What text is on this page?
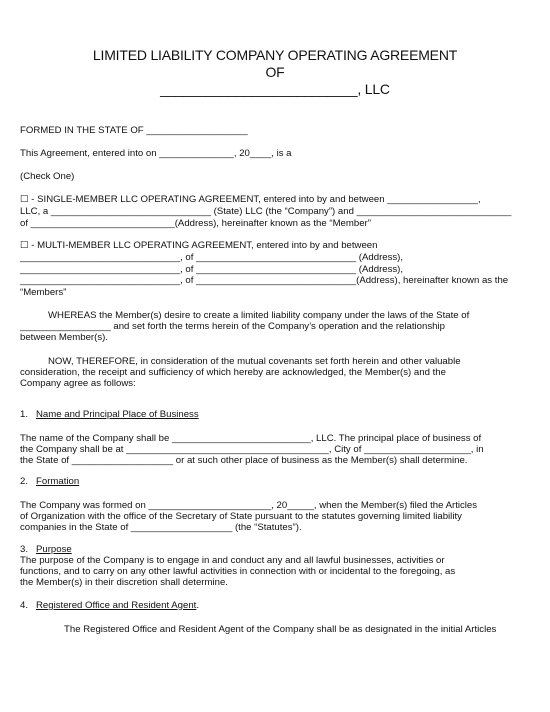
LIMITED LIABILITY COMPANY OPERATING AGREEMENT
OF
__________________________, LLC
FORMED IN THE STATE OF ___________________
This Agreement, entered into on ______________, 20____, is a
(Check One)
☐ - SINGLE-MEMBER LLC OPERATING AGREEMENT, entered into by and between _________________,
LLC, a ______________________________ (State) LLC (the “Company”) and _____________________________
of ___________________________(Address), hereinafter known as the “Member”
☐ - MULTI-MEMBER LLC OPERATING AGREEMENT, entered into by and between
______________________________, of ______________________________ (Address),
______________________________, of ______________________________ (Address),
______________________________, of ______________________________(Address), hereinafter known as the
“Members”
WHEREAS the Member(s) desire to create a limited liability company under the laws of the State of
_________________ and set forth the terms herein of the Company’s operation and the relationship
between Member(s).
NOW, THEREFORE, in consideration of the mutual covenants set forth herein and other valuable
consideration, the receipt and sufficiency of which hereby are acknowledged, the Member(s) and the
Company agree as follows:
1. Name and Principal Place of Business
The name of the Company shall be __________________________, LLC. The principal place of business of
the Company shall be at ______________________________________, City of ____________________, in
the State of ___________________ or at such other place of business as the Member(s) shall determine.
2. Formation
The Company was formed on _______________________, 20_____, when the Member(s) filed the Articles
of Organization with the office of the Secretary of State pursuant to the statutes governing limited liability
companies in the State of ___________________ (the “Statutes”).
3. Purpose
The purpose of the Company is to engage in and conduct any and all lawful businesses, activities or
functions, and to carry on any other lawful activities in connection with or incidental to the foregoing, as
the Member(s) in their discretion shall determine.
4. Registered Office and Resident Agent.
The Registered Office and Resident Agent of the Company shall be as designated in the initial Articles
